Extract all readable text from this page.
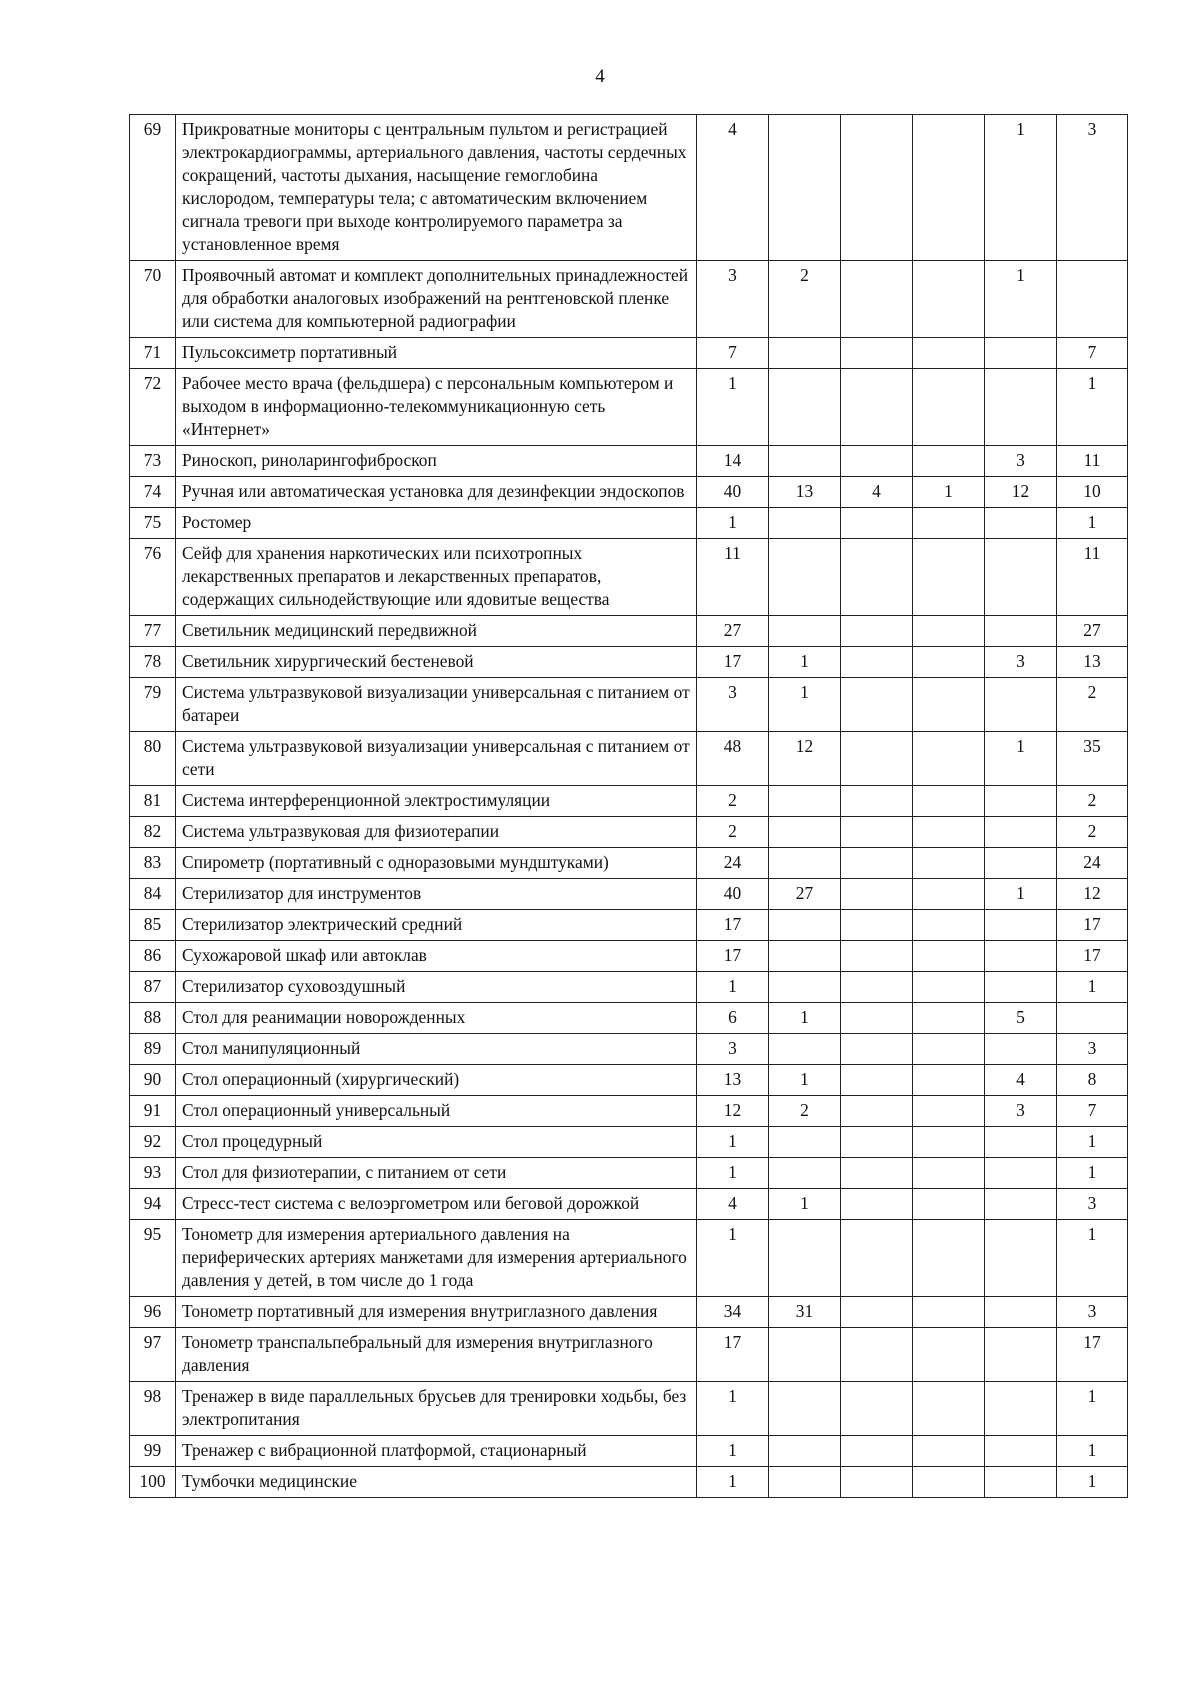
4
69	Прикроватные мониторы с центральным пультом и регистрацией электрокардиограммы, артериального давления, частоты сердечных сокращений, частоты дыхания, насыщение гемоглобина кислородом, температуры тела; с автоматическим включением сигнала тревоги при выходе контролируемого параметра за установленное время	4				1	3
70	Проявочный автомат и комплект дополнительных принадлежностей для обработки аналоговых изображений на рентгеновской пленке или система для компьютерной радиографии	3	2			1	
71	Пульсоксиметр портативный	7					7
72	Рабочее место врача (фельдшера) с персональным компьютером и выходом в информационно-телекоммуникационную сеть «Интернет»	1					1
73	Риноскоп, риноларингофиброскоп	14				3	11
74	Ручная или автоматическая установка для дезинфекции эндоскопов	40	13	4	1	12	10
75	Ростомер	1					1
76	Сейф для хранения наркотических или психотропных лекарственных препаратов и лекарственных препаратов, содержащих сильнодействующие или ядовитые вещества	11					11
77	Светильник медицинский передвижной	27					27
78	Светильник хирургический бестеневой	17	1			3	13
79	Система ультразвуковой визуализации универсальная с питанием от батареи	3	1				2
80	Система ультразвуковой визуализации универсальная с питанием от сети	48	12			1	35
81	Система интерференционной электростимуляции	2					2
82	Система ультразвуковая для физиотерапии	2					2
83	Спирометр (портативный с одноразовыми мундштуками)	24					24
84	Стерилизатор для инструментов	40	27			1	12
85	Стерилизатор электрический средний	17					17
86	Сухожаровой шкаф или автоклав	17					17
87	Стерилизатор суховоздушный	1					1
88	Стол для реанимации новорожденных	6	1			5	
89	Стол манипуляционный	3					3
90	Стол операционный (хирургический)	13	1			4	8
91	Стол операционный универсальный	12	2			3	7
92	Стол процедурный	1					1
93	Стол для физиотерапии, с питанием от сети	1					1
94	Стресс-тест система с велоэргометром или беговой дорожкой	4	1				3
95	Тонометр для измерения артериального давления на периферических артериях манжетами для измерения артериального давления у детей, в том числе до 1 года	1					1
96	Тонометр портативный для измерения внутриглазного давления	34	31				3
97	Тонометр транспальпебральный для измерения внутриглазного давления	17					17
98	Тренажер в виде параллельных брусьев для тренировки ходьбы, без электропитания	1					1
99	Тренажер с вибрационной платформой, стационарный	1					1
100	Тумбочки медицинские	1					1
